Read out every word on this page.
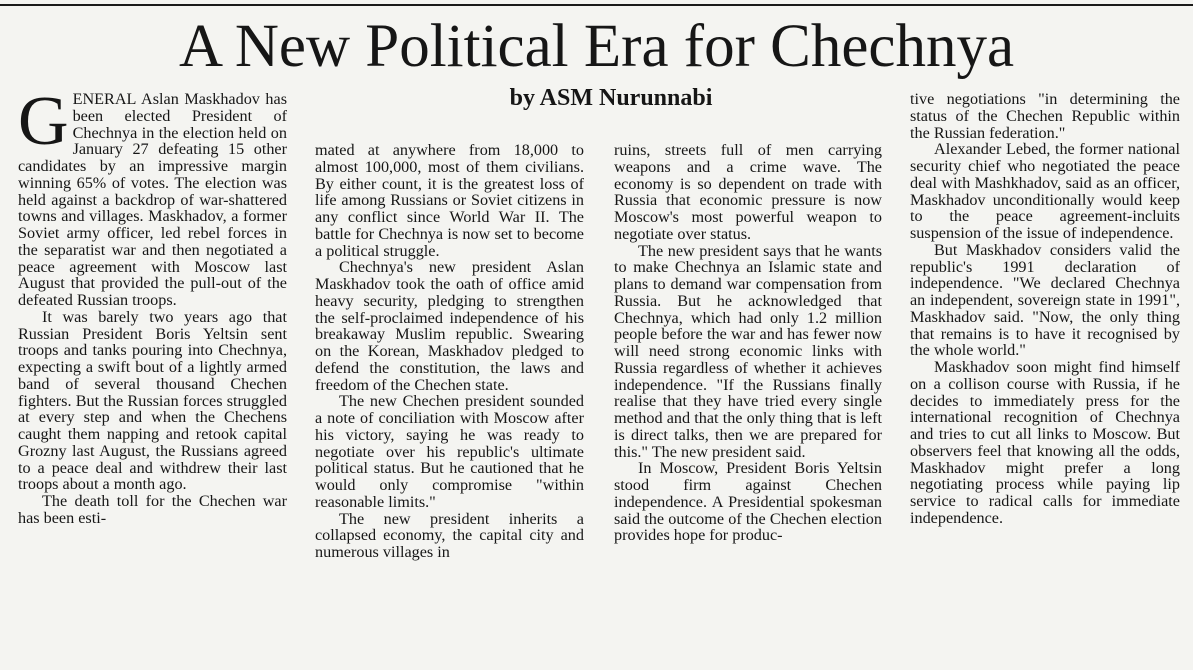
A New Political Era for Chechnya
by ASM Nurunnabi

GENERAL Aslan Maskhadov has been elected President of Chechnya in the election held on January 27 defeating 15 other candidates by an impressive margin winning 65% of votes. The election was held against a backdrop of war-shattered towns and villages. Maskhadov, a former Soviet army officer, led rebel forces in the separatist war and then negotiated a peace agreement with Moscow last August that provided the pull-out of the defeated Russian troops.

It was barely two years ago that Russian President Boris Yeltsin sent troops and tanks pouring into Chechnya, expecting a swift bout of a lightly armed band of several thousand Chechen fighters. But the Russian forces struggled at every step and when the Chechens caught them napping and retook capital Grozny last August, the Russians agreed to a peace deal and withdrew their last troops about a month ago.

The death toll for the Chechen war has been esti-

mated at anywhere from 18,000 to almost 100,000, most of them civilians. By either count, it is the greatest loss of life among Russians or Soviet citizens in any conflict since World War II. The battle for Chechnya is now set to become a political struggle.

Chechnya's new president Aslan Maskhadov took the oath of office amid heavy security, pledging to strengthen the self-proclaimed independence of his breakaway Muslim republic. Swearing on the Korean, Maskhadov pledged to defend the constitution, the laws and freedom of the Chechen state.

The new Chechen president sounded a note of conciliation with Moscow after his victory, saying he was ready to negotiate over his republic's ultimate political status. But he cautioned that he would only compromise "within reasonable limits."

The new president inherits a collapsed economy, the capital city and numerous villages in

ruins, streets full of men carrying weapons and a crime wave. The economy is so dependent on trade with Russia that economic pressure is now Moscow's most powerful weapon to negotiate over status.

The new president says that he wants to make Chechnya an Islamic state and plans to demand war compensation from Russia. But he acknowledged that Chechnya, which had only 1.2 million people before the war and has fewer now will need strong economic links with Russia regardless of whether it achieves independence. "If the Russians finally realise that they have tried every single method and that the only thing that is left is direct talks, then we are prepared for this." The new president said.

In Moscow, President Boris Yeltsin stood firm against Chechen independence. A Presidential spokesman said the outcome of the Chechen election provides hope for produc-

tive negotiations "in determining the status of the Chechen Republic within the Russian federation."

Alexander Lebed, the former national security chief who negotiated the peace deal with Mashkhadov, said as an officer, Maskhadov unconditionally would keep to the peace agreement-incluits suspension of the issue of independence.

But Maskhadov considers valid the republic's 1991 declaration of independence. "We declared Chechnya an independent, sovereign state in 1991", Maskhadov said. "Now, the only thing that remains is to have it recognised by the whole world."

Maskhadov soon might find himself on a collison course with Russia, if he decides to immediately press for the international recognition of Chechnya and tries to cut all links to Moscow. But observers feel that knowing all the odds, Maskhadov might prefer a long negotiating process while paying lip service to radical calls for immediate independence.
